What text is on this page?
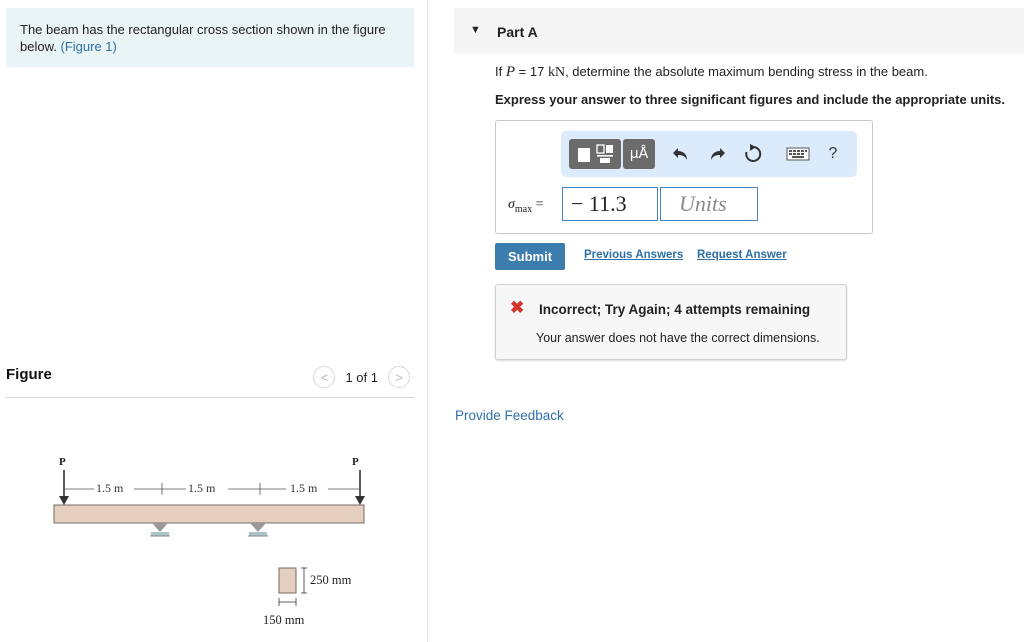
The beam has the rectangular cross section shown in the figure below. (Figure 1)
Figure	<	1 of 1	>
P	P
1.5 m	1.5 m	1.5 m
250 mm
150 mm
▼ Part A
If P = 17 kN, determine the absolute maximum bending stress in the beam.
Express your answer to three significant figures and include the appropriate units.
μÅ	?
$\sigma_{max}$ =	− 11.3	Units
Submit	Previous Answers Request Answer
✖ Incorrect; Try Again; 4 attempts remaining
Your answer does not have the correct dimensions.
Provide Feedback
